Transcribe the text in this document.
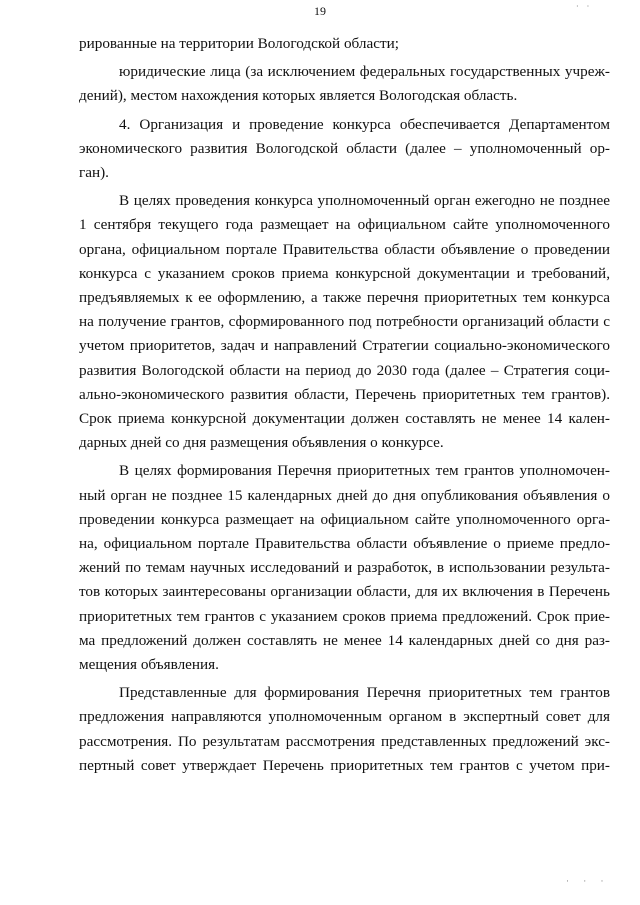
· ·
19
рированные на территории Вологодской области;
юридические лица (за исключением федеральных государственных учреж-
дений), местом нахождения которых является Вологодская область.
4. Организация и проведение конкурса обеспечивается Департаментом
экономического развития Вологодской области (далее – уполномоченный ор-
ган).
В целях проведения конкурса уполномоченный орган ежегодно не позднее
1 сентября текущего года размещает на официальном сайте уполномоченного
органа, официальном портале Правительства области объявление о проведении
конкурса с указанием сроков приема конкурсной документации и требований,
предъявляемых к ее оформлению, а также перечня приоритетных тем конкурса
на получение грантов, сформированного под потребности организаций области с
учетом приоритетов, задач и направлений Стратегии социально-экономического
развития Вологодской области на период до 2030 года (далее – Стратегия соци-
ально-экономического развития области, Перечень приоритетных тем грантов).
Срок приема конкурсной документации должен составлять не менее 14 кален-
дарных дней со дня размещения объявления о конкурсе.
В целях формирования Перечня приоритетных тем грантов уполномочен-
ный орган не позднее 15 календарных дней до дня опубликования объявления о
проведении конкурса размещает на официальном сайте уполномоченного орга-
на, официальном портале Правительства области объявление о приеме предло-
жений по темам научных исследований и разработок, в использовании результа-
тов которых заинтересованы организации области, для их включения в Перечень
приоритетных тем грантов с указанием сроков приема предложений. Срок прие-
ма предложений должен составлять не менее 14 календарных дней со дня раз-
мещения объявления.
Представленные для формирования Перечня приоритетных тем грантов
предложения направляются уполномоченным органом в экспертный совет для
рассмотрения. По результатам рассмотрения представленных предложений экс-
пертный совет утверждает Перечень приоритетных тем грантов с учетом при-
· · ·
